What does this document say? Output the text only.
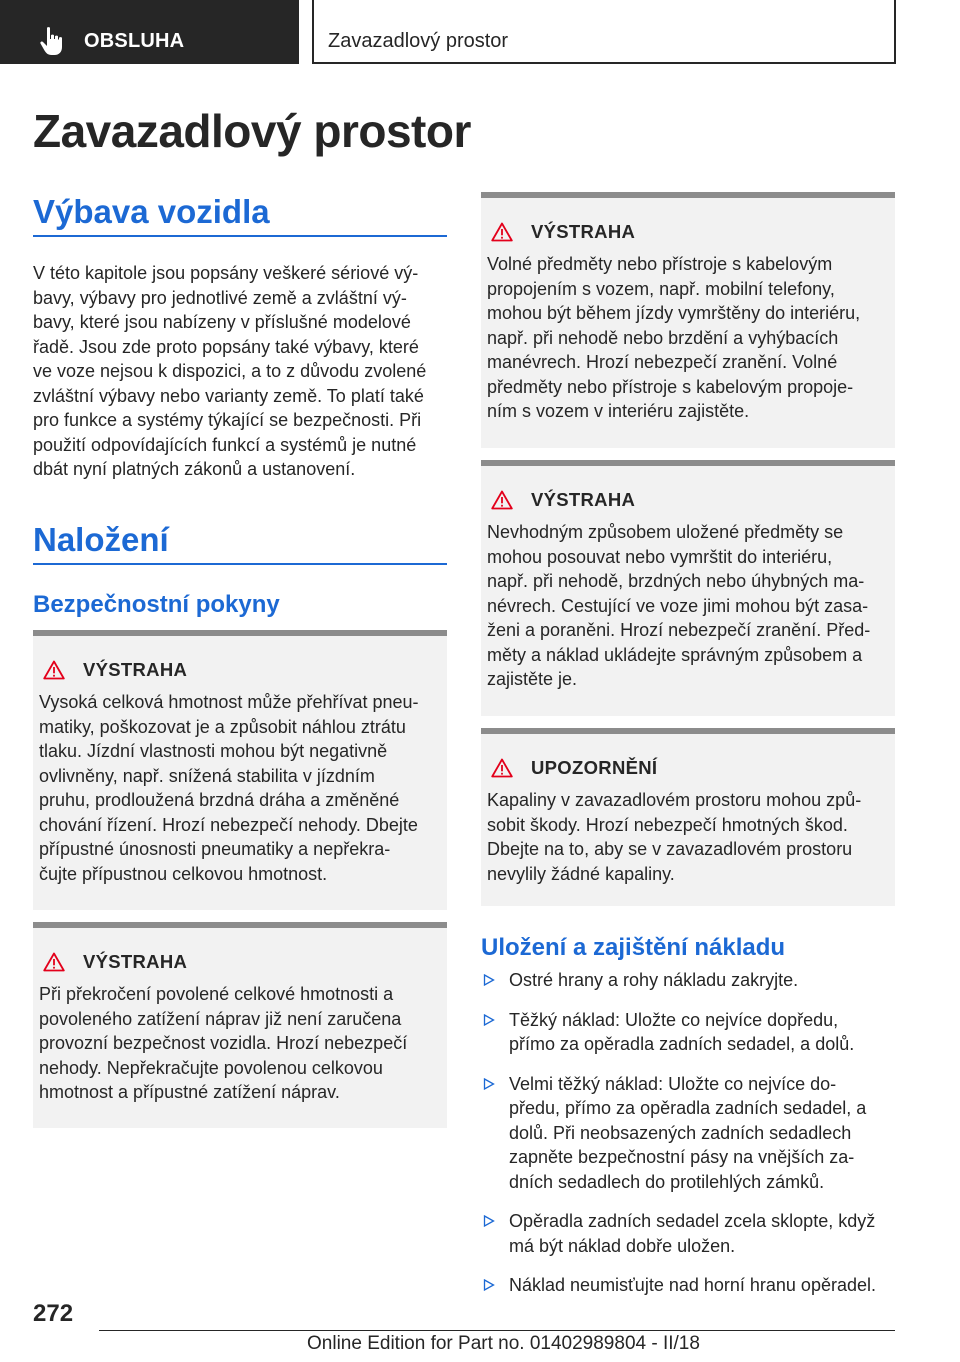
OBSLUHA	Zavazadlový prostor
Zavazadlový prostor
Výbava vozidla
V této kapitole jsou popsány veškeré sériové vý‐
bavy, výbavy pro jednotlivé země a zvláštní vý‐
bavy, které jsou nabízeny v příslušné modelové
řadě. Jsou zde proto popsány také výbavy, které
ve voze nejsou k dispozici, a to z důvodu zvolené
zvláštní výbavy nebo varianty země. To platí také
pro funkce a systémy týkající se bezpečnosti. Při
použití odpovídajících funkcí a systémů je nutné
dbát nyní platných zákonů a ustanovení.
Naložení
Bezpečnostní pokyny
VÝSTRAHA
Vysoká celková hmotnost může přehřívat pneu‐
matiky, poškozovat je a způsobit náhlou ztrátu
tlaku. Jízdní vlastnosti mohou být negativně
ovlivněny, např. snížená stabilita v jízdním
pruhu, prodloužená brzdná dráha a změněné
chování řízení. Hrozí nebezpečí nehody. Dbejte
přípustné únosnosti pneumatiky a nepřekra‐
čujte přípustnou celkovou hmotnost.
VÝSTRAHA
Při překročení povolené celkové hmotnosti a
povoleného zatížení náprav již není zaručena
provozní bezpečnost vozidla. Hrozí nebezpečí
nehody. Nepřekračujte povolenou celkovou
hmotnost a přípustné zatížení náprav.
VÝSTRAHA
Volné předměty nebo přístroje s kabelovým
propojením s vozem, např. mobilní telefony,
mohou být během jízdy vymrštěny do interiéru,
např. při nehodě nebo brzdění a vyhýbacích
manévrech. Hrozí nebezpečí zranění. Volné
předměty nebo přístroje s kabelovým propoje‐
ním s vozem v interiéru zajistěte.
VÝSTRAHA
Nevhodným způsobem uložené předměty se
mohou posouvat nebo vymrštit do interiéru,
např. při nehodě, brzdných nebo úhybných ma‐
névrech. Cestující ve voze jimi mohou být zasa‐
ženi a poraněni. Hrozí nebezpečí zranění. Před‐
měty a náklad ukládejte správným způsobem a
zajistěte je.
UPOZORNĚNÍ
Kapaliny v zavazadlovém prostoru mohou způ‐
sobit škody. Hrozí nebezpečí hmotných škod.
Dbejte na to, aby se v zavazadlovém prostoru
nevylily žádné kapaliny.
Uložení a zajištění nákladu
Ostré hrany a rohy nákladu zakryjte.
Těžký náklad: Uložte co nejvíce dopředu,
přímo za opěradla zadních sedadel, a dolů.
Velmi těžký náklad: Uložte co nejvíce do‐
předu, přímo za opěradla zadních sedadel, a
dolů. Při neobsazených zadních sedadlech
zapněte bezpečnostní pásy na vnějších za‐
dních sedadlech do protilehlých zámků.
Opěradla zadních sedadel zcela sklopte, když
má být náklad dobře uložen.
Náklad neumisťujte nad horní hranu opěradel.
272
Online Edition for Part no. 01402989804 - II/18
